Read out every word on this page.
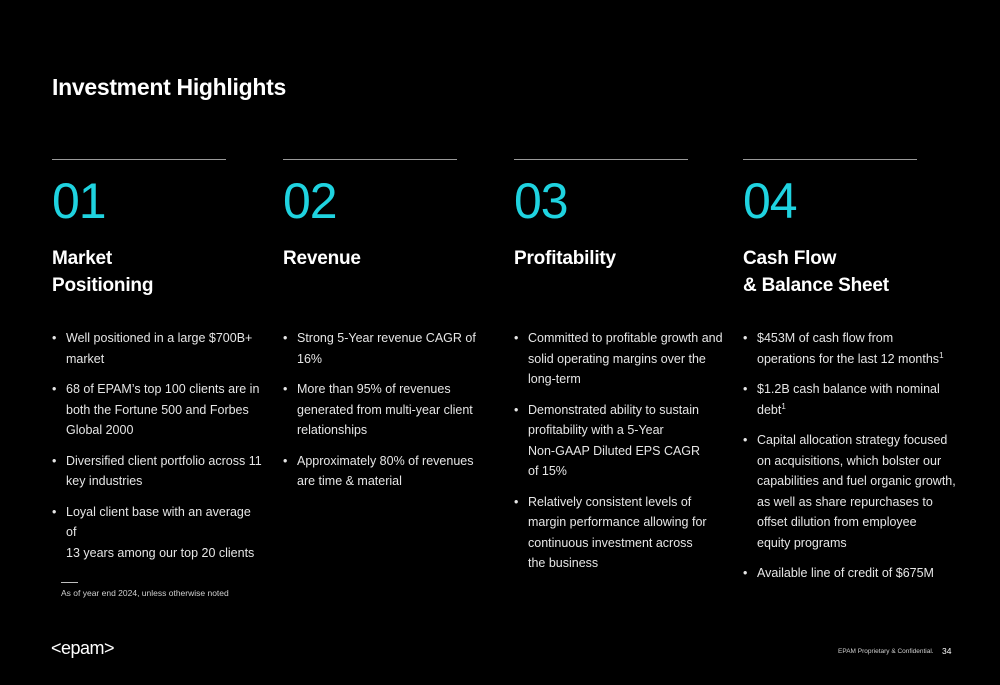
Investment Highlights
01
Market
Positioning
• Well positioned in a large $700B+
market
• 68 of EPAM’s top 100 clients are in
both the Fortune 500 and Forbes
Global 2000
• Diversified client portfolio across 11
key industries
• Loyal client base with an average of
13 years among our top 20 clients
02
Revenue
• Strong 5-Year revenue CAGR of 16%
• More than 95% of revenues
generated from multi-year client
relationships
• Approximately 80% of revenues
are time & material
03
Profitability
• Committed to profitable growth and
solid operating margins over the
long-term
• Demonstrated ability to sustain
profitability with a 5-Year
Non-GAAP Diluted EPS CAGR
of 15%
• Relatively consistent levels of
margin performance allowing for
continuous investment across
the business
04
Cash Flow
& Balance Sheet
• $453M of cash flow from
operations for the last 12 months$^1$
• $1.2B cash balance with nominal
debt$^1$
• Capital allocation strategy focused
on acquisitions, which bolster our
capabilities and fuel organic growth,
as well as share repurchases to
offset dilution from employee
equity programs
• Available line of credit of $675M
As of year end 2024, unless otherwise noted
<epam>	EPAM Proprietary & Confidential. 34
